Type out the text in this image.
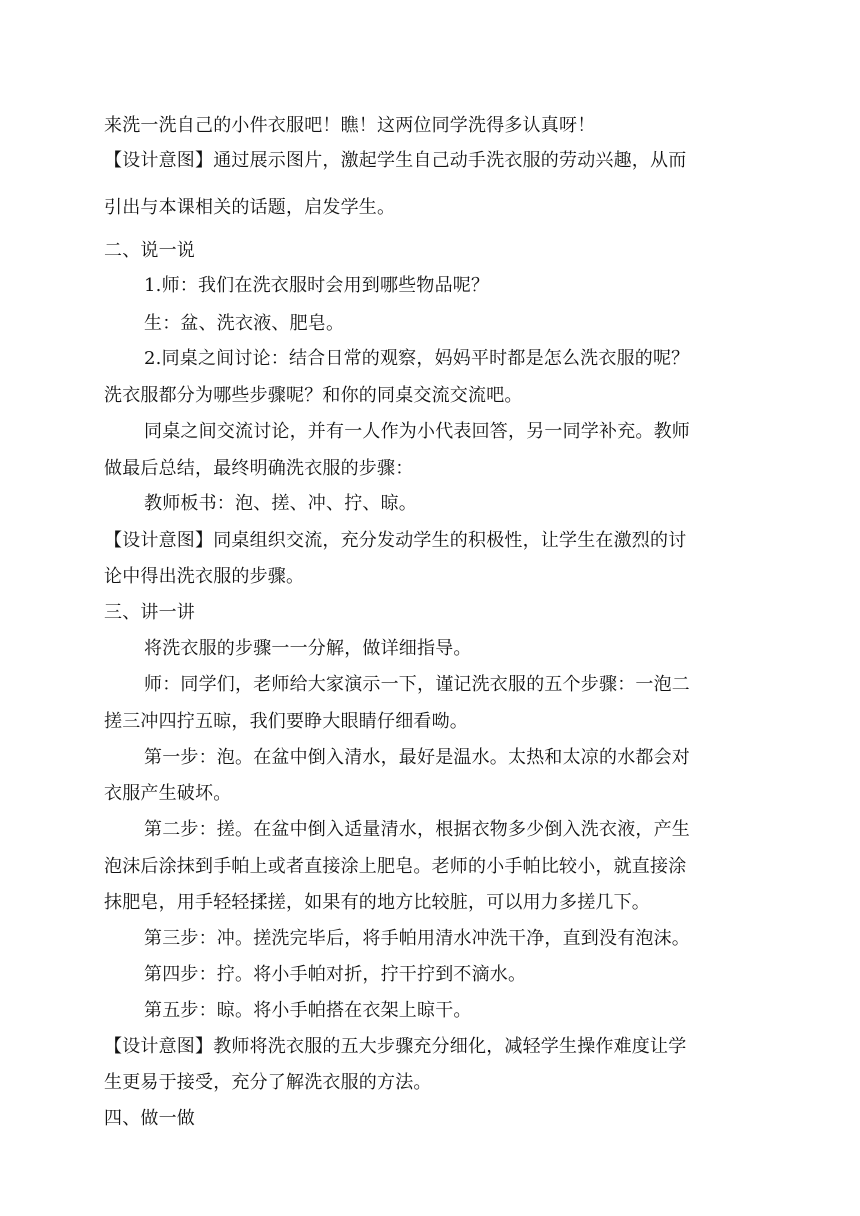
来洗一洗自己的小件衣服吧！瞧！这两位同学洗得多认真呀！
【设计意图】通过展示图片，激起学生自己动手洗衣服的劳动兴趣，从而
引出与本课相关的话题，启发学生。
二、说一说
1.师：我们在洗衣服时会用到哪些物品呢？
生：盆、洗衣液、肥皂。
2.同桌之间讨论：结合日常的观察，妈妈平时都是怎么洗衣服的呢？
洗衣服都分为哪些步骤呢？和你的同桌交流交流吧。
同桌之间交流讨论，并有一人作为小代表回答，另一同学补充。教师
做最后总结，最终明确洗衣服的步骤：
教师板书：泡、搓、冲、拧、晾。
【设计意图】同桌组织交流，充分发动学生的积极性，让学生在激烈的讨
论中得出洗衣服的步骤。
三、讲一讲
将洗衣服的步骤一一分解，做详细指导。
师：同学们，老师给大家演示一下，谨记洗衣服的五个步骤：一泡二
搓三冲四拧五晾，我们要睁大眼睛仔细看呦。
第一步：泡。在盆中倒入清水，最好是温水。太热和太凉的水都会对
衣服产生破坏。
第二步：搓。在盆中倒入适量清水，根据衣物多少倒入洗衣液，产生
泡沫后涂抹到手帕上或者直接涂上肥皂。老师的小手帕比较小，就直接涂
抹肥皂，用手轻轻揉搓，如果有的地方比较脏，可以用力多搓几下。
第三步：冲。搓洗完毕后，将手帕用清水冲洗干净，直到没有泡沫。
第四步：拧。将小手帕对折，拧干拧到不滴水。
第五步：晾。将小手帕搭在衣架上晾干。
【设计意图】教师将洗衣服的五大步骤充分细化，减轻学生操作难度让学
生更易于接受，充分了解洗衣服的方法。
四、做一做
